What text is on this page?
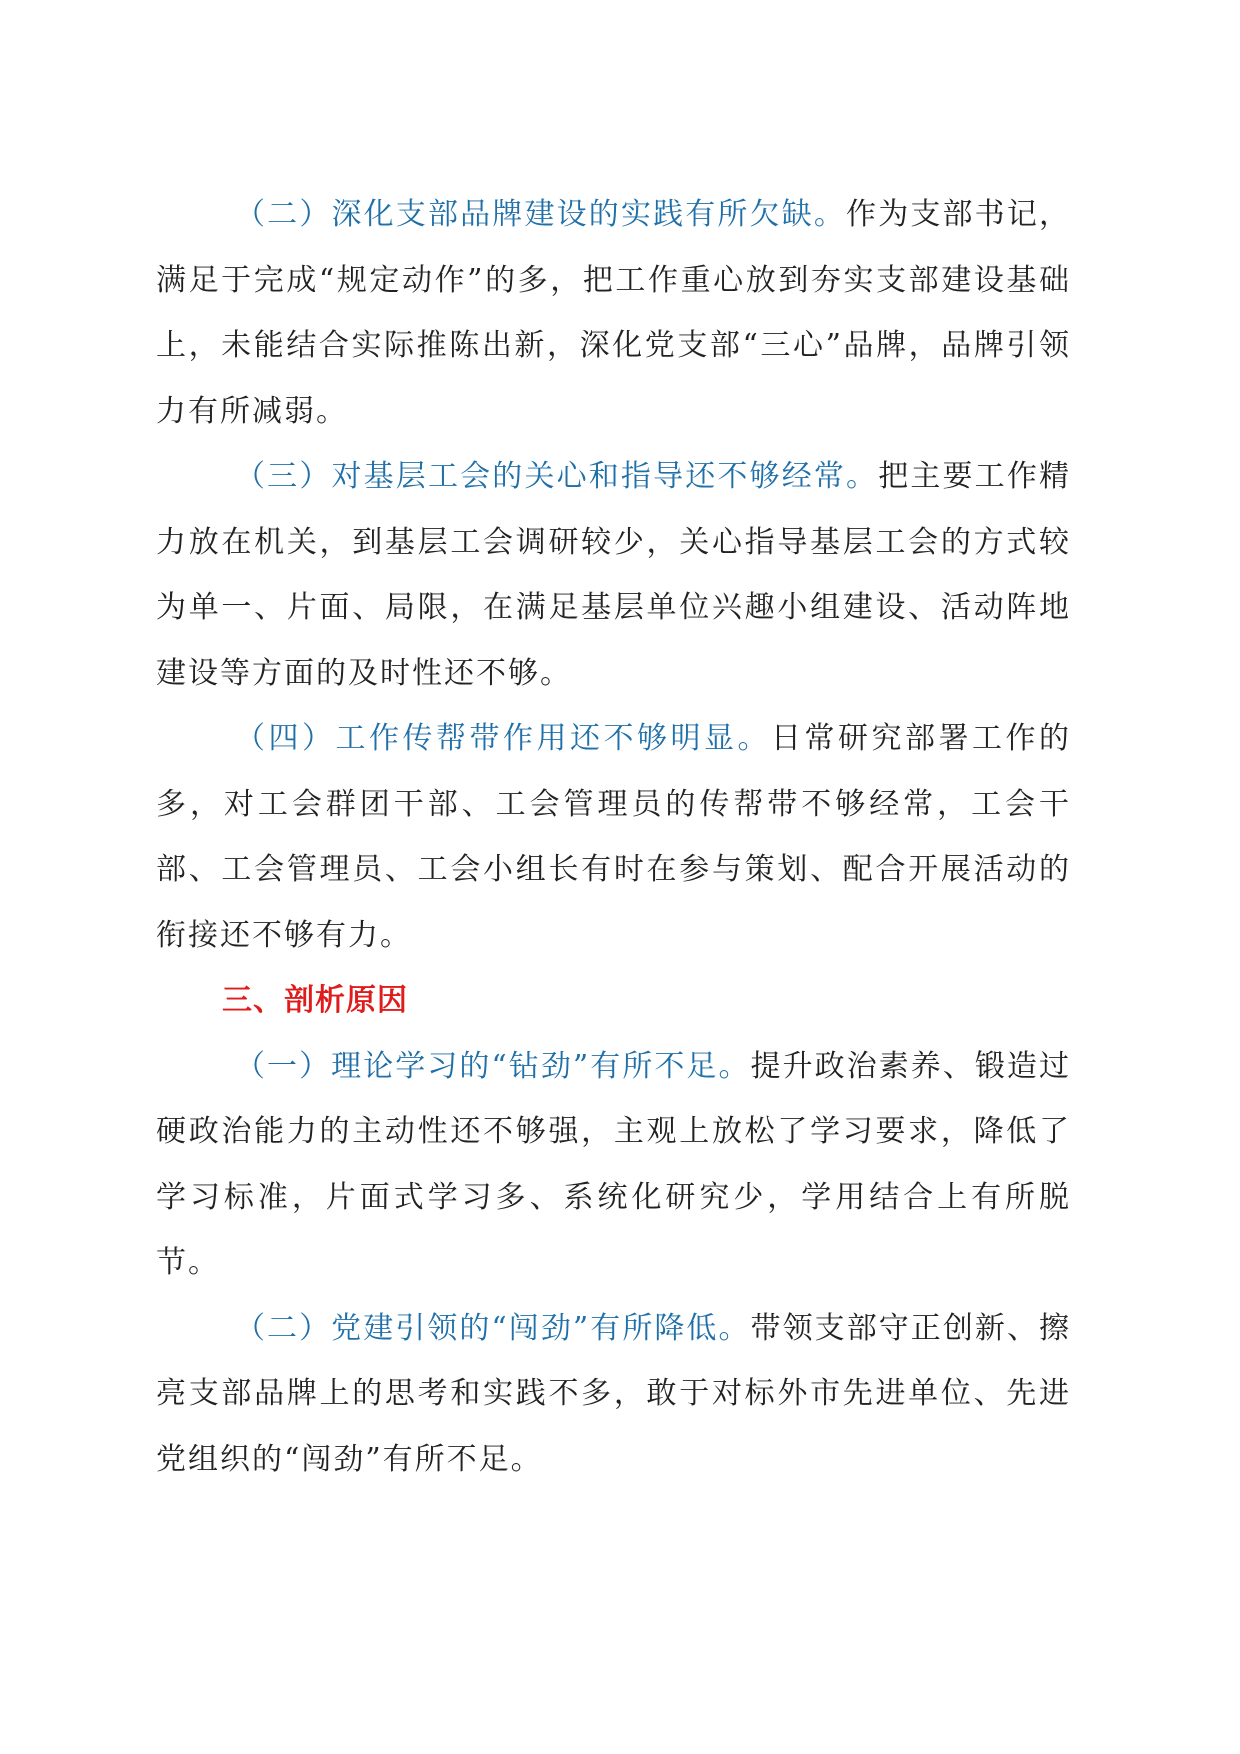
（二）深化支部品牌建设的实践有所欠缺。作为支部书记，满足于完成“规定动作”的多，把工作重心放到夯实支部建设基础上，未能结合实际推陈出新，深化党支部“三心”品牌，品牌引领力有所减弱。

（三）对基层工会的关心和指导还不够经常。把主要工作精力放在机关，到基层工会调研较少，关心指导基层工会的方式较为单一、片面、局限，在满足基层单位兴趣小组建设、活动阵地建设等方面的及时性还不够。

（四）工作传帮带作用还不够明显。日常研究部署工作的多，对工会群团干部、工会管理员的传帮带不够经常，工会干部、工会管理员、工会小组长有时在参与策划、配合开展活动的衔接还不够有力。

三、剖析原因

（一）理论学习的“钻劲”有所不足。提升政治素养、锻造过硬政治能力的主动性还不够强，主观上放松了学习要求，降低了学习标准，片面式学习多、系统化研究少，学用结合上有所脱节。

（二）党建引领的“闯劲”有所降低。带领支部守正创新、擦亮支部品牌上的思考和实践不多，敢于对标外市先进单位、先进党组织的“闯劲”有所不足。
